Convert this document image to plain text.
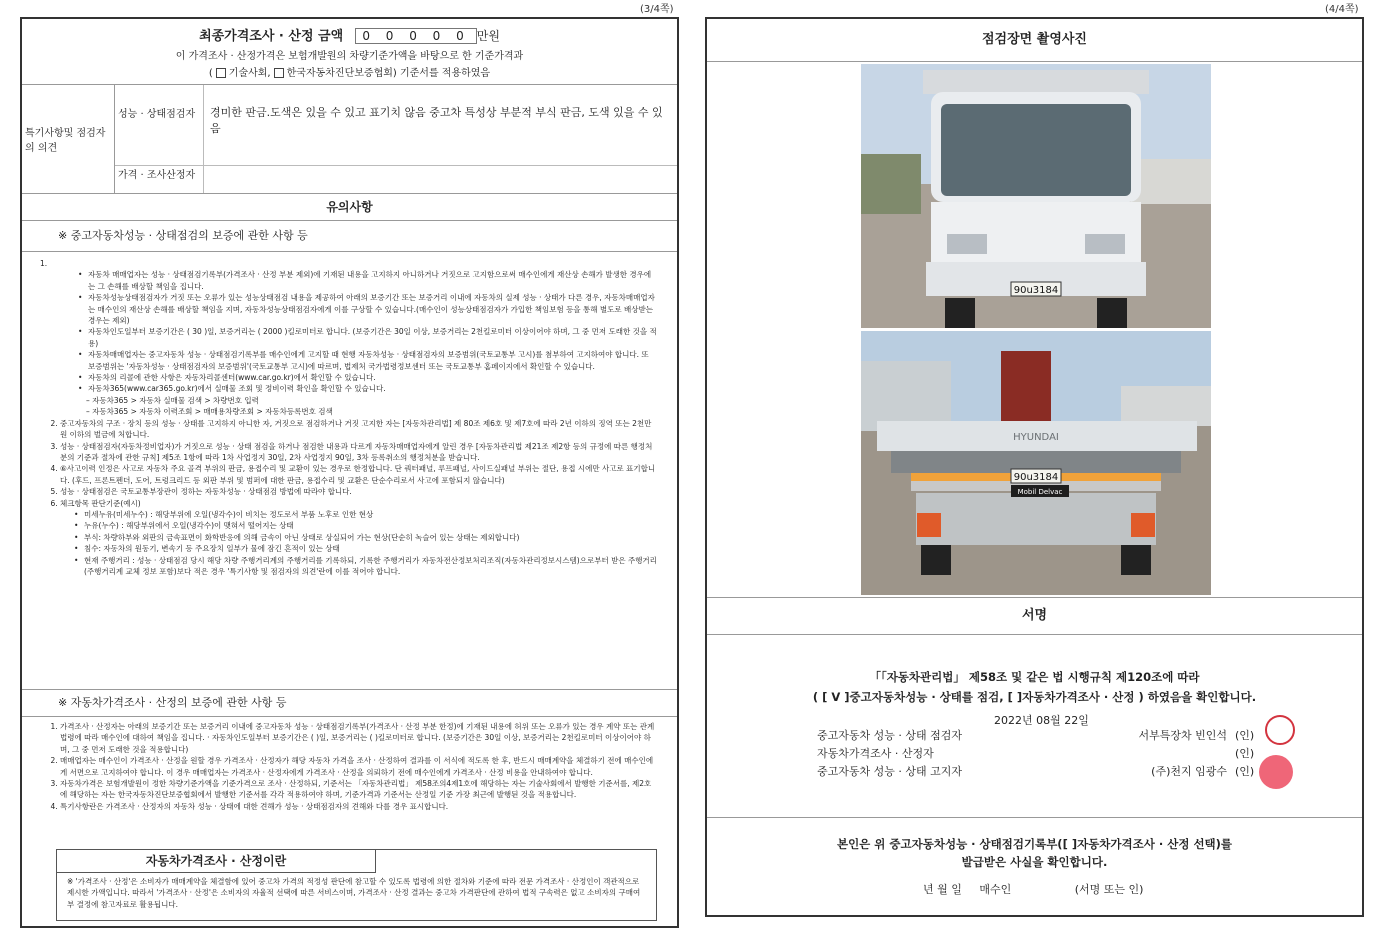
(3/4쪽)	(4/4쪽)
최종가격조사 · 산정 금액 0 0 0 0 0 만원
이 가격조사 · 산정가격은 보험개발원의 차량기준가액을 바탕으로 한 기준가격과
( 기술사회, 한국자동차진단보증협회) 기준서를 적용하였음
특기사항및 점검자의 의견
성능 · 상태점검자	경미한 판금.도색은 있을 수 있고 표기치 않음 중고차 특성상 부분적 부식 판금, 도색 있을 수 있음
가격 · 조사산정자
유의사항
※ 중고자동차성능 · 상태점검의 보증에 관한 사항 등
1.
• 자동차 매매업자는 성능 · 상태점검기록부(가격조사 · 산정 부분 제외)에 기재된 내용을 고지하지 아니하거나 거짓으로 고지함으로써 매수인에게 재산상 손해가 발생한 경우에는 그 손해를 배상할 책임을 집니다.
• 자동차성능상태점검자가 거짓 또는 오류가 있는 성능상태점검 내용을 제공하여 아래의 보증기간 또는 보증거리 이내에 자동차의 실제 성능 · 상태가 다른 경우, 자동차매매업자는 매수인의 재산상 손해를 배상할 책임을 지며, 자동차성능상태점검자에게 이를 구상할 수 있습니다.(매수인이 성능상태점검자가 가입한 책임보험 등을 통해 별도로 배상받는 경우는 제외)
• 자동차인도일부터 보증기간은 ( 30 )일, 보증거리는 ( 2000 )킬로미터로 합니다. (보증기간은 30일 이상, 보증거리는 2천킬로미터 이상이어야 하며, 그 중 먼저 도래한 것을 적용)
• 자동차매매업자는 중고자동차 성능 · 상태점검기록부를 매수인에게 고지할 때 현행 자동차성능 · 상태점검자의 보증범위(국토교통부 고시)를 첨부하여 고지하여야 합니다. 또 보증범위는 '자동차성능 · 상태점검자의 보증범위'(국토교통부 고시)에 따르며, 법제처 국가법령정보센터 또는 국토교통부 홈페이지에서 확인할 수 있습니다.
• 자동차의 리콜에 관한 사항은 자동차리콜센터(www.car.go.kr)에서 확인할 수 있습니다.
• 자동차365(www.car365.go.kr)에서 실매물 조회 및 정비이력 확인을 확인할 수 있습니다.
– 자동차365 > 자동차 실매물 검색 > 차량번호 입력
– 자동차365 > 자동차 이력조회 > 매매용차량조회 > 자동차등록번호 검색
2. 중고자동차의 구조 · 장치 등의 성능 · 상태를 고지하지 아니한 자, 거짓으로 점검하거나 거짓 고지한 자는 [자동차관리법] 제 80조 제6호 및 제7호에 따라 2년 이하의 징역 또는 2천만원 이하의 벌금에 처합니다.
3. 성능 · 상태점검자(자동차정비업자)가 거짓으로 성능 · 상태 점검을 하거나 점검한 내용과 다르게 자동차매매업자에게 알린 경우 [자동차관리법 제21조 제2항 등의 규정에 따른 행정처분의 기준과 절차에 관한 규칙] 제5조 1항에 따라 1차 사업정지 30일, 2차 사업정지 90일, 3차 등록취소의 행정처분을 받습니다.
4. ⑥사고이력 인정은 사고로 자동차 주요 골격 부위의 판금, 용접수리 및 교환이 있는 경우로 한정합니다. 단 쿼터패널, 루프패널, 사이드실패널 부위는 절단, 용접 시에만 사고로 표기합니다. (후드, 프론트펜더, 도어, 트렁크리드 등 외판 부위 및 범퍼에 대한 판금, 용접수리 및 교환은 단순수리로서 사고에 포함되지 않습니다)
5. 성능 · 상태점검은 국토교통부장관이 정하는 자동차성능 · 상태점검 방법에 따라야 합니다.
6. 체크항목 판단기준(예시)
• 미세누유(미세누수) : 해당부위에 오일(냉각수)이 비치는 정도로서 부품 노후로 인한 현상
• 누유(누수) : 해당부위에서 오일(냉각수)이 맺혀서 떨어지는 상태
• 부식: 차량하부와 외판의 금속표면이 화학반응에 의해 금속이 아닌 상태로 상실되어 가는 현상(단순히 녹슬어 있는 상태는 제외합니다)
• 침수: 자동차의 원동기, 변속기 등 주요장치 일부가 물에 잠긴 흔적이 있는 상태
• 현재 주행거리 : 성능 · 상태점검 당시 해당 차량 주행거리계의 주행거리를 기록하되, 기록한 주행거리가 자동차전산정보처리조직(자동차관리정보시스템)으로부터 받은 주행거리(주행거리계 교체 정보 포함)보다 적은 경우 '특기사항 및 점검자의 의견'란에 이를 적어야 합니다.
※ 자동차가격조사 · 산정의 보증에 관한 사항 등
1. 가격조사 · 산정자는 아래의 보증기간 또는 보증거리 이내에 중고자동차 성능 · 상태점검기록부(가격조사 · 산정 부분 한정)에 기재된 내용에 허위 또는 오류가 있는 경우 계약 또는 관계법령에 따라 매수인에 대하여 책임을 집니다. · 자동차인도일부터 보증기간은 ( )일, 보증거리는 ( )킬로미터로 합니다. (보증기간은 30일 이상, 보증거리는 2천킬로미터 이상이어야 하며, 그 중 먼저 도래한 것을 적용합니다)
2. 매매업자는 매수인이 가격조사 · 산정을 원할 경우 가격조사 · 산정자가 해당 자동차 가격을 조사 · 산정하여 결과를 이 서식에 적도록 한 후, 반드시 매매계약을 체결하기 전에 매수인에게 서면으로 고지하여야 합니다. 이 경우 매매업자는 가격조사 · 산정자에게 가격조사 · 산정을 의뢰하기 전에 매수인에게 가격조사 · 산정 비용을 안내하여야 합니다.
3. 자동차가격은 보험개발원이 정한 차량기준가액을 기준가격으로 조사 · 산정하되, 기준서는 「자동차관리법」 제58조의4제1호에 해당하는 자는 기술사회에서 발행한 기준서를, 제2호에 해당하는 자는 한국자동차진단보증협회에서 발행한 기준서를 각각 적용하여야 하며, 기준가격과 기준서는 산정일 기준 가장 최근에 발행된 것을 적용합니다.
4. 특기사항란은 가격조사 · 산정자의 자동차 성능 · 상태에 대한 견해가 성능 · 상태점검자의 견해와 다를 경우 표시합니다.
자동차가격조사 · 산정이란
※ '가격조사 · 산정'은 소비자가 매매계약을 체결함에 있어 중고차 가격의 적정성 판단에 참고할 수 있도록 법령에 의한 절차와 기준에 따라 전문 가격조사 · 산정인이 객관적으로 제시한 가액입니다. 따라서 '가격조사 · 산정'은 소비자의 자율적 선택에 따른 서비스이며, 가격조사 · 산정 결과는 중고차 가격판단에 관하여 법적 구속력은 없고 소비자의 구매여부 결정에 참고자료로 활용됩니다.
점검장면 촬영사진
90u3184
HYUNDAI
90u3184
Mobil Delvac
서명
「「자동차관리법」 제58조 및 같은 법 시행규칙 제120조에 따라
( [ V ]중고자동차성능 · 상태를 점검, [ ]자동차가격조사 · 산정 ) 하였음을 확인합니다.
2022년 08월 22일
중고자동차 성능 · 상태 점검자	서부특장차 빈인석 (인)
자동차가격조사 · 산정자	(인)
중고자동차 성능 · 상태 고지자	(주)천지 임광수 (인)
본인은 위 중고자동차성능 · 상태점검기록부([ ]자동차가격조사 · 산정 선택)를
발급받은 사실을 확인합니다.
년 월 일 매수인	(서명 또는 인)
